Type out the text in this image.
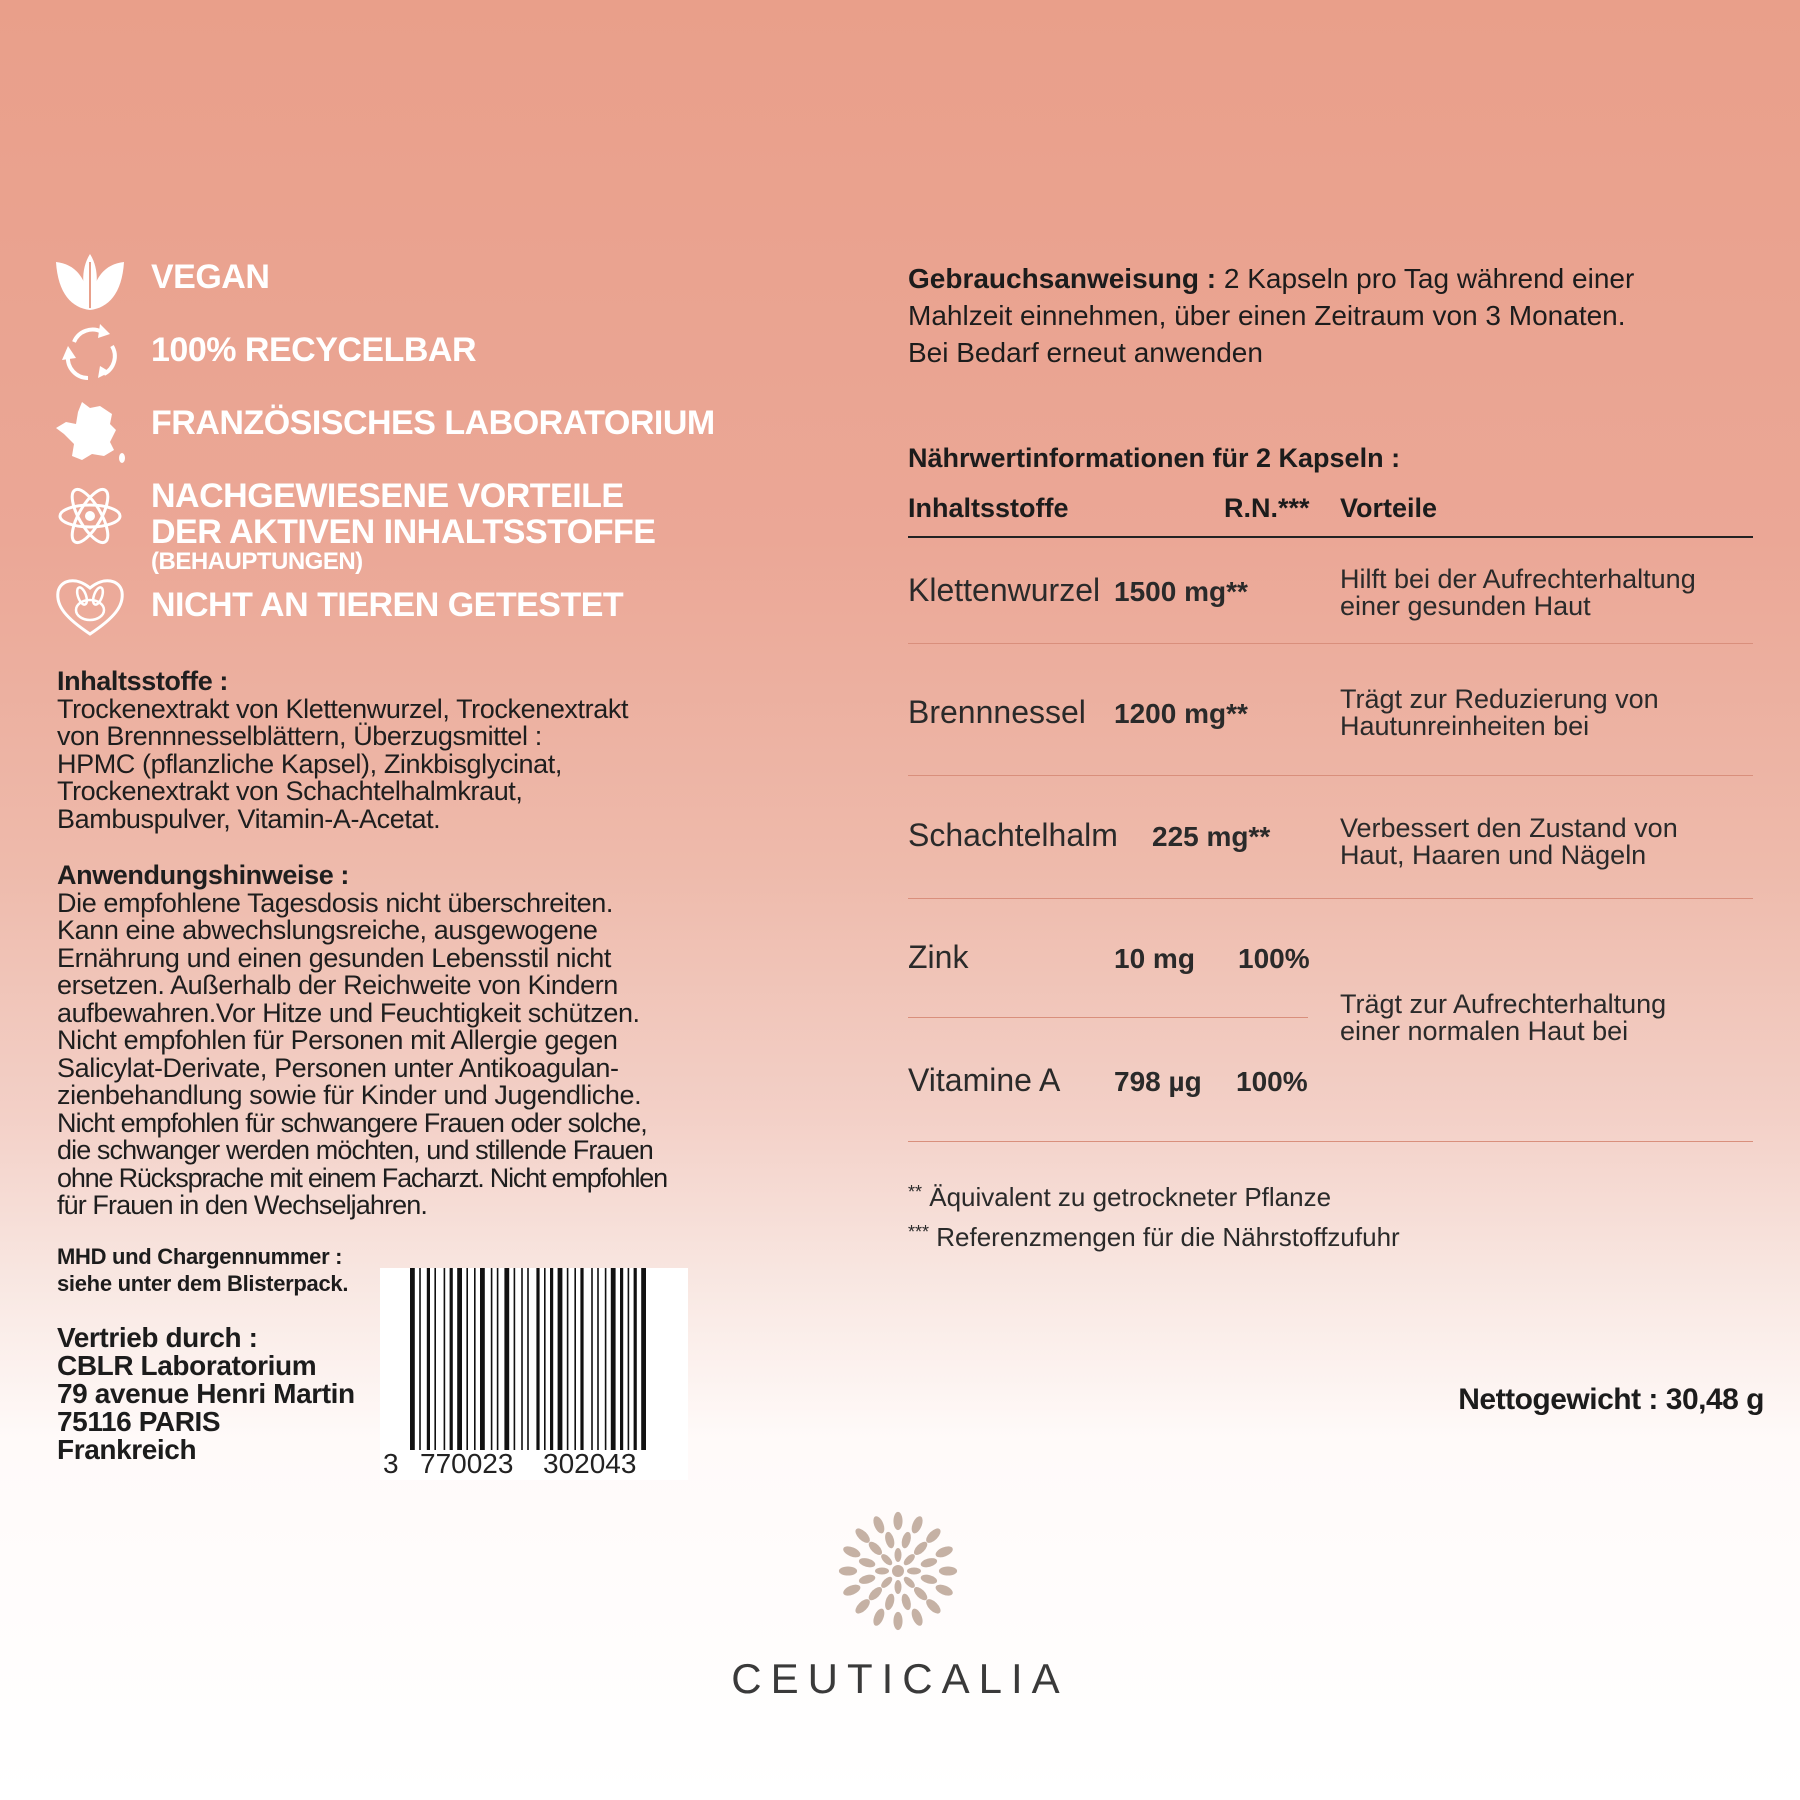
VEGAN
100% RECYCELBAR
FRANZÖSISCHES LABORATORIUM
NACHGEWIESENE VORTEILE
DER AKTIVEN INHALTSSTOFFE
(BEHAUPTUNGEN)
NICHT AN TIEREN GETESTET
Inhaltsstoffe :
Trockenextrakt von Klettenwurzel, Trockenextrakt
von Brennnesselblättern, Überzugsmittel :
HPMC (pflanzliche Kapsel), Zinkbisglycinat,
Trockenextrakt von Schachtelhalmkraut,
Bambuspulver, Vitamin-A-Acetat.
Anwendungshinweise :
Die empfohlene Tagesdosis nicht überschreiten.
Kann eine abwechslungsreiche, ausgewogene
Ernährung und einen gesunden Lebensstil nicht
ersetzen. Außerhalb der Reichweite von Kindern
aufbewahren.Vor Hitze und Feuchtigkeit schützen.
Nicht empfohlen für Personen mit Allergie gegen
Salicylat-Derivate, Personen unter Antikoagulan-
zienbehandlung sowie für Kinder und Jugendliche.
Nicht empfohlen für schwangere Frauen oder solche,
die schwanger werden möchten, und stillende Frauen
ohne Rücksprache mit einem Facharzt. Nicht empfohlen
für Frauen in den Wechseljahren.
MHD und Chargennummer :
siehe unter dem Blisterpack.
Vertrieb durch :
CBLR Laboratorium
79 avenue Henri Martin
75116 PARIS
Frankreich	3 770023 302043
Gebrauchsanweisung : 2 Kapseln pro Tag während einer
Mahlzeit einnehmen, über einen Zeitraum von 3 Monaten.
Bei Bedarf erneut anwenden
Nährwertinformationen für 2 Kapseln :
Inhaltsstoffe	R.N.*** Vorteile
Klettenwurzel 1500 mg**	Hilft bei der Aufrechterhaltung
einer gesunden Haut
Brennnessel 1200 mg**	Trägt zur Reduzierung von
Hautunreinheiten bei
Schachtelhalm 225 mg**	Verbessert den Zustand von
Haut, Haaren und Nägeln
Zink	10 mg 100%
Vitamine A 798 µg 100%
Trägt zur Aufrechterhaltung
einer normalen Haut bei
** Äquivalent zu getrockneter Pflanze
*** Referenzmengen für die Nährstoffzufuhr
Nettogewicht : 30,48 g
CEUTICALIA
